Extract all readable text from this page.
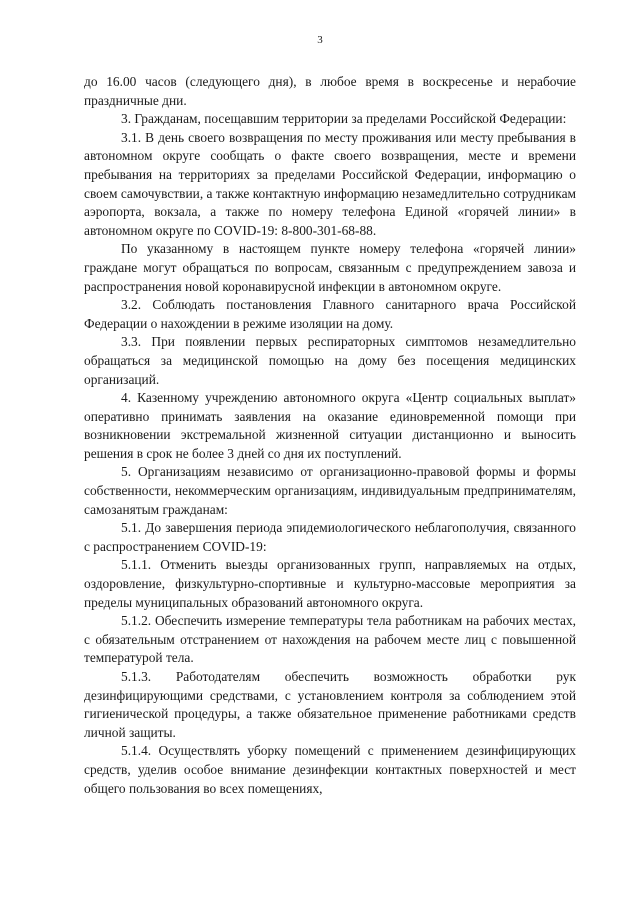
3

до 16.00 часов (следующего дня), в любое время в воскресенье и нерабочие праздничные дни.

3. Гражданам, посещавшим территории за пределами Российской Федерации:

3.1. В день своего возвращения по месту проживания или месту пребывания в автономном округе сообщать о факте своего возвращения, месте и времени пребывания на территориях за пределами Российской Федерации, информацию о своем самочувствии, а также контактную информацию незамедлительно сотрудникам аэропорта, вокзала, а также по номеру телефона Единой «горячей линии» в автономном округе по COVID-19: 8-800-301-68-88.

По указанному в настоящем пункте номеру телефона «горячей линии» граждане могут обращаться по вопросам, связанным с предупреждением завоза и распространения новой коронавирусной инфекции в автономном округе.

3.2. Соблюдать постановления Главного санитарного врача Российской Федерации о нахождении в режиме изоляции на дому.

3.3. При появлении первых респираторных симптомов незамедлительно обращаться за медицинской помощью на дому без посещения медицинских организаций.

4. Казенному учреждению автономного округа «Центр социальных выплат» оперативно принимать заявления на оказание единовременной помощи при возникновении экстремальной жизненной ситуации дистанционно и выносить решения в срок не более 3 дней со дня их поступлений.

5. Организациям независимо от организационно-правовой формы и формы собственности, некоммерческим организациям, индивидуальным предпринимателям, самозанятым гражданам:

5.1. До завершения периода эпидемиологического неблагополучия, связанного с распространением COVID-19:

5.1.1. Отменить выезды организованных групп, направляемых на отдых, оздоровление, физкультурно-спортивные и культурно-массовые мероприятия за пределы муниципальных образований автономного округа.

5.1.2. Обеспечить измерение температуры тела работникам на рабочих местах, с обязательным отстранением от нахождения на рабочем месте лиц с повышенной температурой тела.

5.1.3. Работодателям обеспечить возможность обработки рук дезинфицирующими средствами, с установлением контроля за соблюдением этой гигиенической процедуры, а также обязательное применение работниками средств личной защиты.

5.1.4. Осуществлять уборку помещений с применением дезинфицирующих средств, уделив особое внимание дезинфекции контактных поверхностей и мест общего пользования во всех помещениях,
